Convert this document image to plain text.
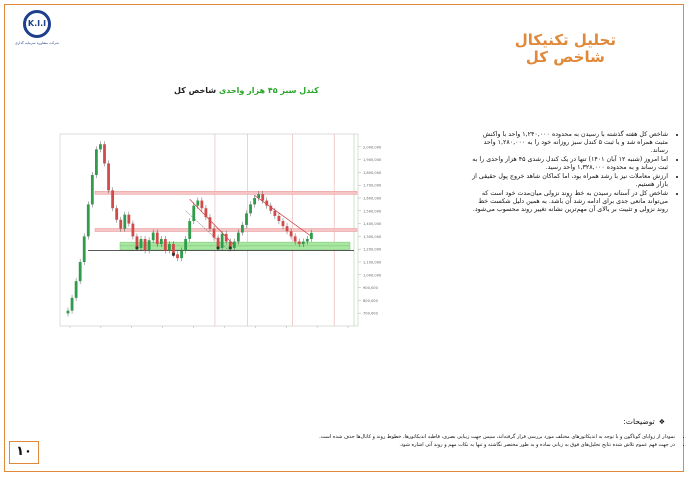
K.I.I
شرکت مشاوره سرمایه گذاری	تحلیل تکنیکال
شاخص کل
کندل سبز ۴۵ هزار واحدی شاخص کل
2,000,000
1,900,000
1,800,000
1,700,000
1,600,000
1,500,000
1,400,000
1,300,000
1,200,000
1,100,000
1,000,000
900,000
800,000
700,000
• شاخص کل هفته گذشته با رسیدن به محدوده ۱,۲۴۰,۰۰۰ واحد با واکنش مثبت همراه شد و با ثبت ۵ کندل سبز روزانه خود را به ۱,۲۸۰,۰۰۰ واحد رساند.
• اما امروز (شنبه ۱۲ آبان ۱۴۰۱) تنها در یک کندل رشدی ۴۵ هزار واحدی را به ثبت رساند و به محدوده ۱,۳۲۸,۰۰۰ واحد رسید.
• ارزش معاملات نیز با رشد همراه بود، اما کماکان شاهد خروج پول حقیقی از بازار هستیم.
• شاخص کل در آستانه رسیدن به خط روند نزولی میان‌مدت خود است که می‌تواند مانعی جدی برای ادامه رشد آن باشد. به همین دلیل شکست خط روند نزولی و تثبیت بر بالای آن مهم‌ترین نشانه تغییر روند محسوب می‌شود.
❖توضیحات:
• نمودار از زوایای گوناگون و با توجه به اندیکاتورهای مختلف مورد بررسی قرار گرفته‌اند، سپس جهت زیبایی بصری، قاطبه اندیکاتورها، خطوط روند و کانال‌ها حذف شده است.
• در جهت فهم عموم تلاش شده نتایج تحلیل‌های فوق به زبانی ساده و به طور مختصر نگاشته و تنها به نکات مهم و روند آتی اشاره شود.
۱۰
